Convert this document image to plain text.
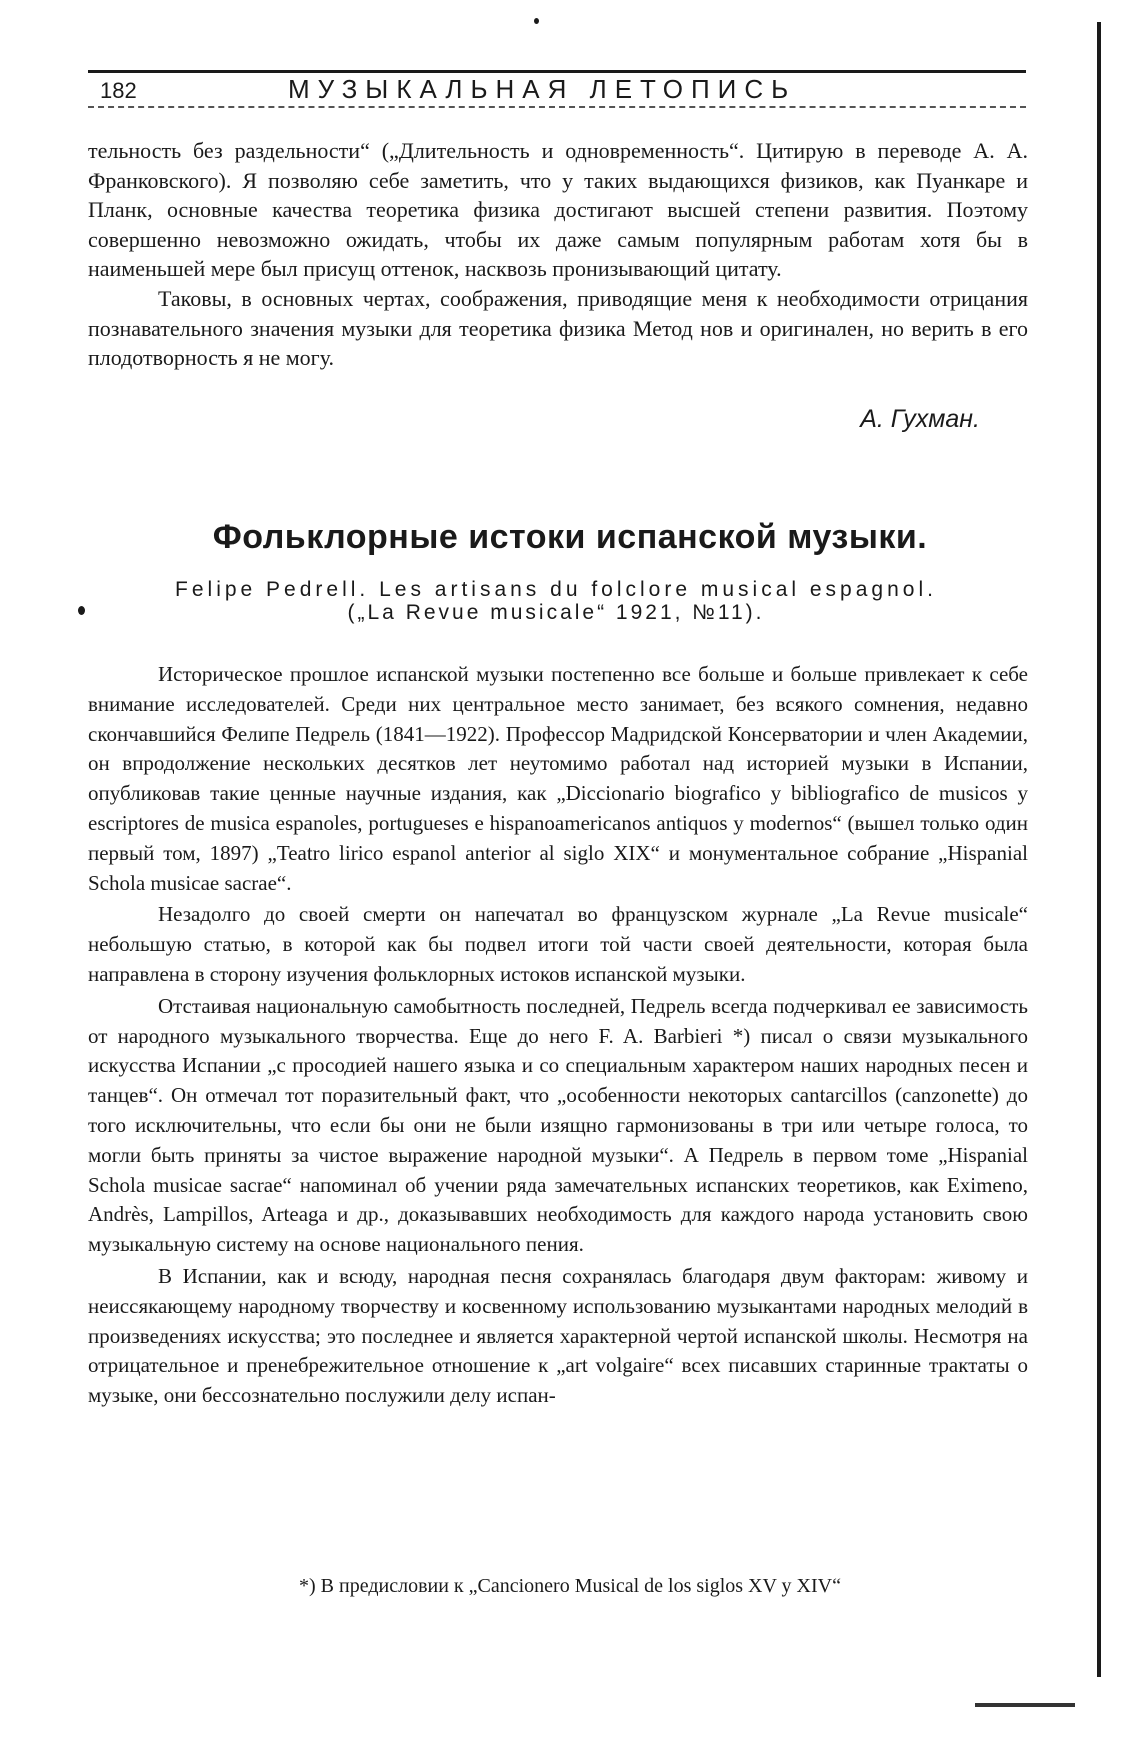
182	МУЗЫКАЛЬНАЯ ЛЕТОПИСЬ

тельность без раздельности“ („Длительность и одновременность“. Цитирую в переводе А. А. Франковского). Я позволяю себе заметить, что у таких выдающихся физиков, как Пуанкаре и Планк, основные качества теоретика физика достигают высшей степени развития. Поэтому совершенно невозможно ожидать, чтобы их даже самым популярным работам хотя бы в наименьшей мере был присущ оттенок, насквозь пронизывающий цитату.

Таковы, в основных чертах, соображения, приводящие меня к необходимости отрицания познавательного значения музыки для теоретика физика Метод нов и оригинален, но верить в его плодотворность я не могу.

А. Гухман.
Фольклорные истоки испанской музыки.
Felipe Pedrell. Les artisans du folclore musical espagnol.
(„La Revue musicale“ 1921, №11).

Историческое прошлое испанской музыки постепенно все больше и больше привлекает к себе внимание исследователей. Среди них центральное место занимает, без всякого сомнения, недавно скончавшийся Фелипе Педрель (1841—1922). Профессор Мадридской Консерватории и член Академии, он впродолжение нескольких десятков лет неутомимо работал над историей музыки в Испании, опубликовав такие ценные научные издания, как „Diccionario biografico y bibliografico de musicos y escriptores de musica espanoles, portugueses e hispanoamericanos antiquos y modernos“ (вышел только один первый том, 1897) „Teatro lirico espanol anterior al siglo XIX“ и монументальное собрание „Hispanial Schola musicae sacrae“.

Незадолго до своей смерти он напечатал во французском журнале „La Revue musicale“ небольшую статью, в которой как бы подвел итоги той части своей деятельности, которая была направлена в сторону изучения фольклорных истоков испанской музыки.

Отстаивая национальную самобытность последней, Педрель всегда подчеркивал ее зависимость от народного музыкального творчества. Еще до него F. A. Barbieri *) писал о связи музыкального искусства Испании „с просодией нашего языка и со специальным характером наших народных песен и танцев“. Он отмечал тот поразительный факт, что „особенности некоторых cantarcillos (canzonette) до того исключительны, что если бы они не были изящно гармонизованы в три или четыре голоса, то могли быть приняты за чистое выражение народной музыки“. А Педрель в первом томе „Hispanial Schola musicae sacrae“ напоминал об учении ряда замечательных испанских теоретиков, как Eximeno, Andrès, Lampillos, Arteaga и др., доказывавших необходимость для каждого народа установить свою музыкальную систему на основе национального пения.

В Испании, как и всюду, народная песня сохранялась благодаря двум факторам: живому и неиссякающему народному творчеству и косвенному использованию музыкантами народных мелодий в произведениях искусства; это последнее и является характерной чертой испанской школы. Несмотря на отрицательное и пренебрежительное отношение к „art volgaire“ всех писавших старинные трактаты о музыке, они бессознательно послужили делу испан-

*) В предисловии к „Cancionero Musical de los siglos XV y XIV“
